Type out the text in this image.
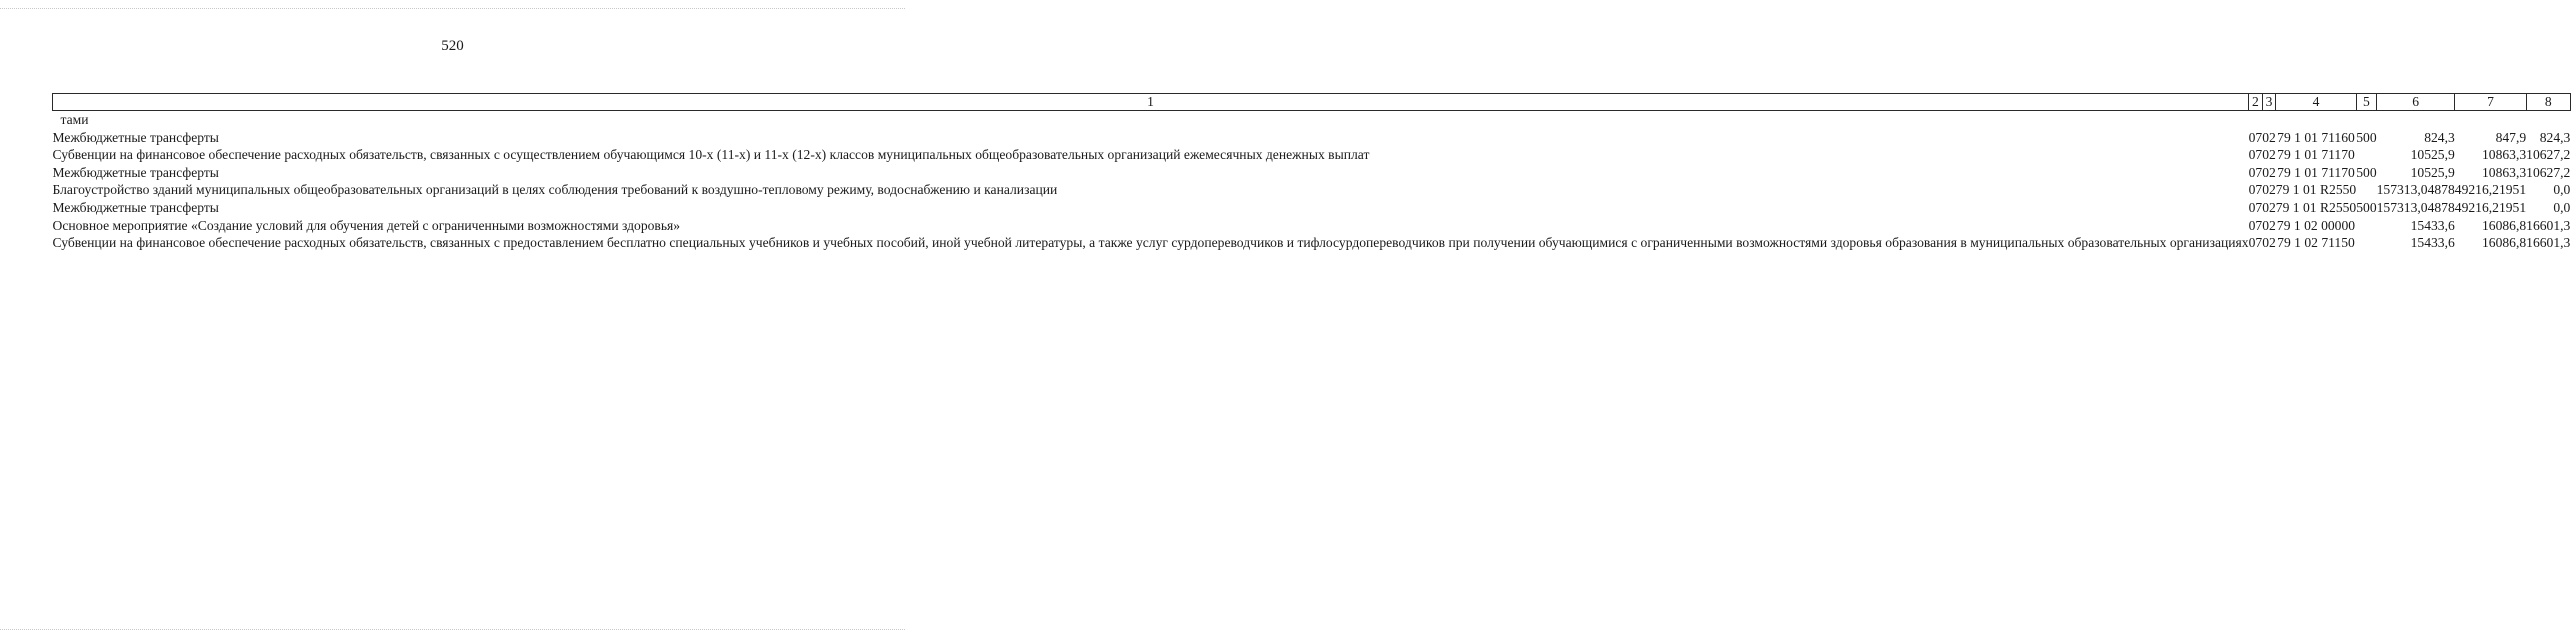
520
1	2	3	4	5	6	7	8
тами							
Межбюджетные трансферты	07	02	79 1 01 71160	500	824,3	847,9	824,3
Субвенции на финансовое обеспечение расходных обязательств, связанных с осуществлением обучающимся 10-х (11-х) и 11-х (12-х) классов муниципальных общеобразовательных организаций ежемесячных денежных выплат	07	02	79 1 01 71170		10525,9	10863,3	10627,2
Межбюджетные трансферты	07	02	79 1 01 71170	500	10525,9	10863,3	10627,2
Благоустройство зданий муниципальных общеобразовательных организаций в целях соблюдения требований к воздушно-тепловому режиму, водоснабжению и канализации	07	02	79 1 01 R2550		157313,04878	49216,21951	0,0
Межбюджетные трансферты	07	02	79 1 01 R2550	500	157313,04878	49216,21951	0,0
Основное мероприятие «Создание условий для обучения детей с ограниченными возможностями здоровья»	07	02	79 1 02 00000		15433,6	16086,8	16601,3
Субвенции на финансовое обеспечение расходных обязательств, связанных с предоставлением бесплатно специальных учебников и учебных пособий, иной учебной литературы, а также услуг сурдопереводчиков и тифлосурдопереводчиков при получении обучающимися с ограниченными возможностями здоровья образования в муниципальных образовательных организациях	07	02	79 1 02 71150		15433,6	16086,8	16601,3
